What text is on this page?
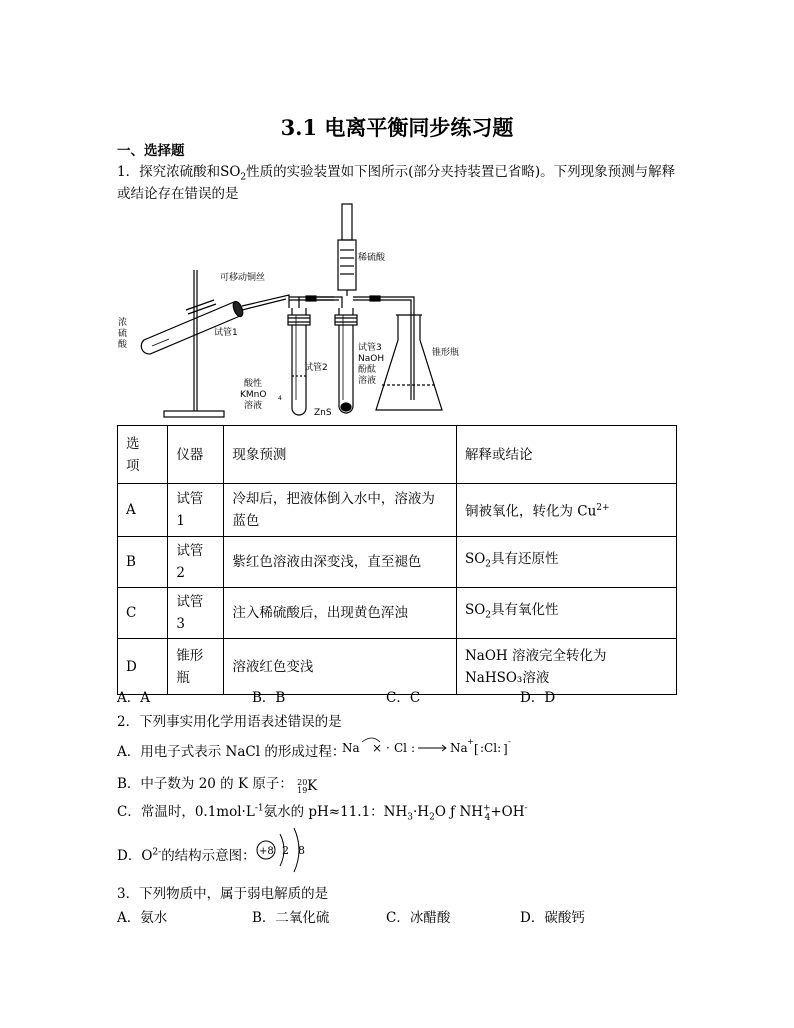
3.1 电离平衡同步练习题
一、选择题
1．探究浓硫酸和$SO_2$性质的实验装置如下图所示(部分夹持装置已省略)。下列现象预测与解释
或结论存在错误的是
可移动铜丝
浓
硫
酸
试管1
试管2
酸性
KMnO 4
溶液
ZnS
试管3
NaOH
酚酞
溶液
稀硫酸
锥形瓶
选
项	仪器	现象预测	解释或结论
A	试管 1	冷却后，把液体倒入水中，溶液为蓝色	铜被氧化，转化为 $Cu^{2+}$
B	试管 2	紫红色溶液由深变浅，直至褪色	$SO_2$具有还原性
C	试管 3	注入稀硫酸后，出现黄色浑浊	$SO_2$具有氧化性
D	锥形瓶	溶液红色变浅	NaOH 溶液完全转化为 NaHSO₃溶液
A．A	B．B	C．C	D．D
2．下列事实用化学用语表述错误的是
A．用电子式表示 NaCl 的形成过程：
Na × · Cl :	Na +
[ :Cl: ]
-
B．中子数为 20 的 K 原子： 20
19 K
C．常温时，$0.1mol\cdot L^{-1}$氨水的 pH≈11.1：$NH_3\cdot H_2O$ ƒ $NH^+_4+OH^-$
D．$O^{2-}$的结构示意图： +8 2 8
3．下列物质中，属于弱电解质的是
A．氨水	B．二氧化硫	C．冰醋酸	D．碳酸钙
